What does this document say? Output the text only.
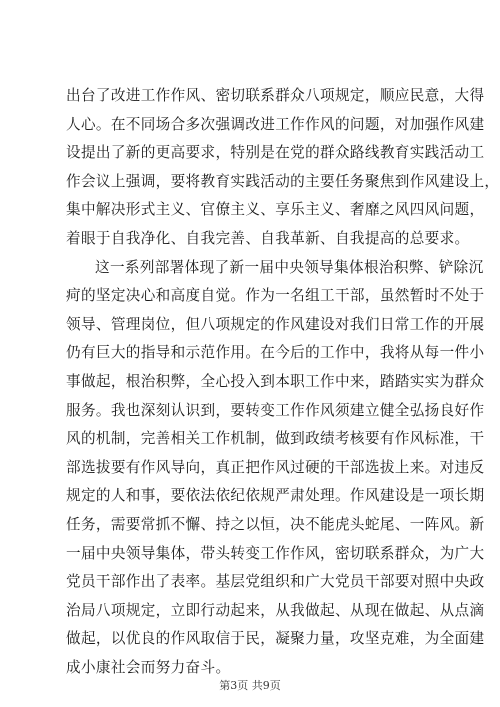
出台了改进工作作风、密切联系群众八项规定，顺应民意，大得
人心。在不同场合多次强调改进工作作风的问题，对加强作风建
设提出了新的更高要求，特别是在党的群众路线教育实践活动工
作会议上强调，要将教育实践活动的主要任务聚焦到作风建设上，
集中解决形式主义、官僚主义、享乐主义、奢靡之风四风问题，
着眼于自我净化、自我完善、自我革新、自我提高的总要求。
这一系列部署体现了新一届中央领导集体根治积弊、铲除沉
疴的坚定决心和高度自觉。作为一名组工干部，虽然暂时不处于
领导、管理岗位，但八项规定的作风建设对我们日常工作的开展
仍有巨大的指导和示范作用。在今后的工作中，我将从每一件小
事做起，根治积弊，全心投入到本职工作中来，踏踏实实为群众
服务。我也深刻认识到，要转变工作作风须建立健全弘扬良好作
风的机制，完善相关工作机制，做到政绩考核要有作风标准，干
部选拔要有作风导向，真正把作风过硬的干部选拔上来。对违反
规定的人和事，要依法依纪依规严肃处理。作风建设是一项长期
任务，需要常抓不懈、持之以恒，决不能虎头蛇尾、一阵风。新
一届中央领导集体，带头转变工作作风，密切联系群众，为广大
党员干部作出了表率。基层党组织和广大党员干部要对照中央政
治局八项规定，立即行动起来，从我做起、从现在做起、从点滴
做起，以优良的作风取信于民，凝聚力量，攻坚克难，为全面建
成小康社会而努力奋斗。
第3页 共9页
